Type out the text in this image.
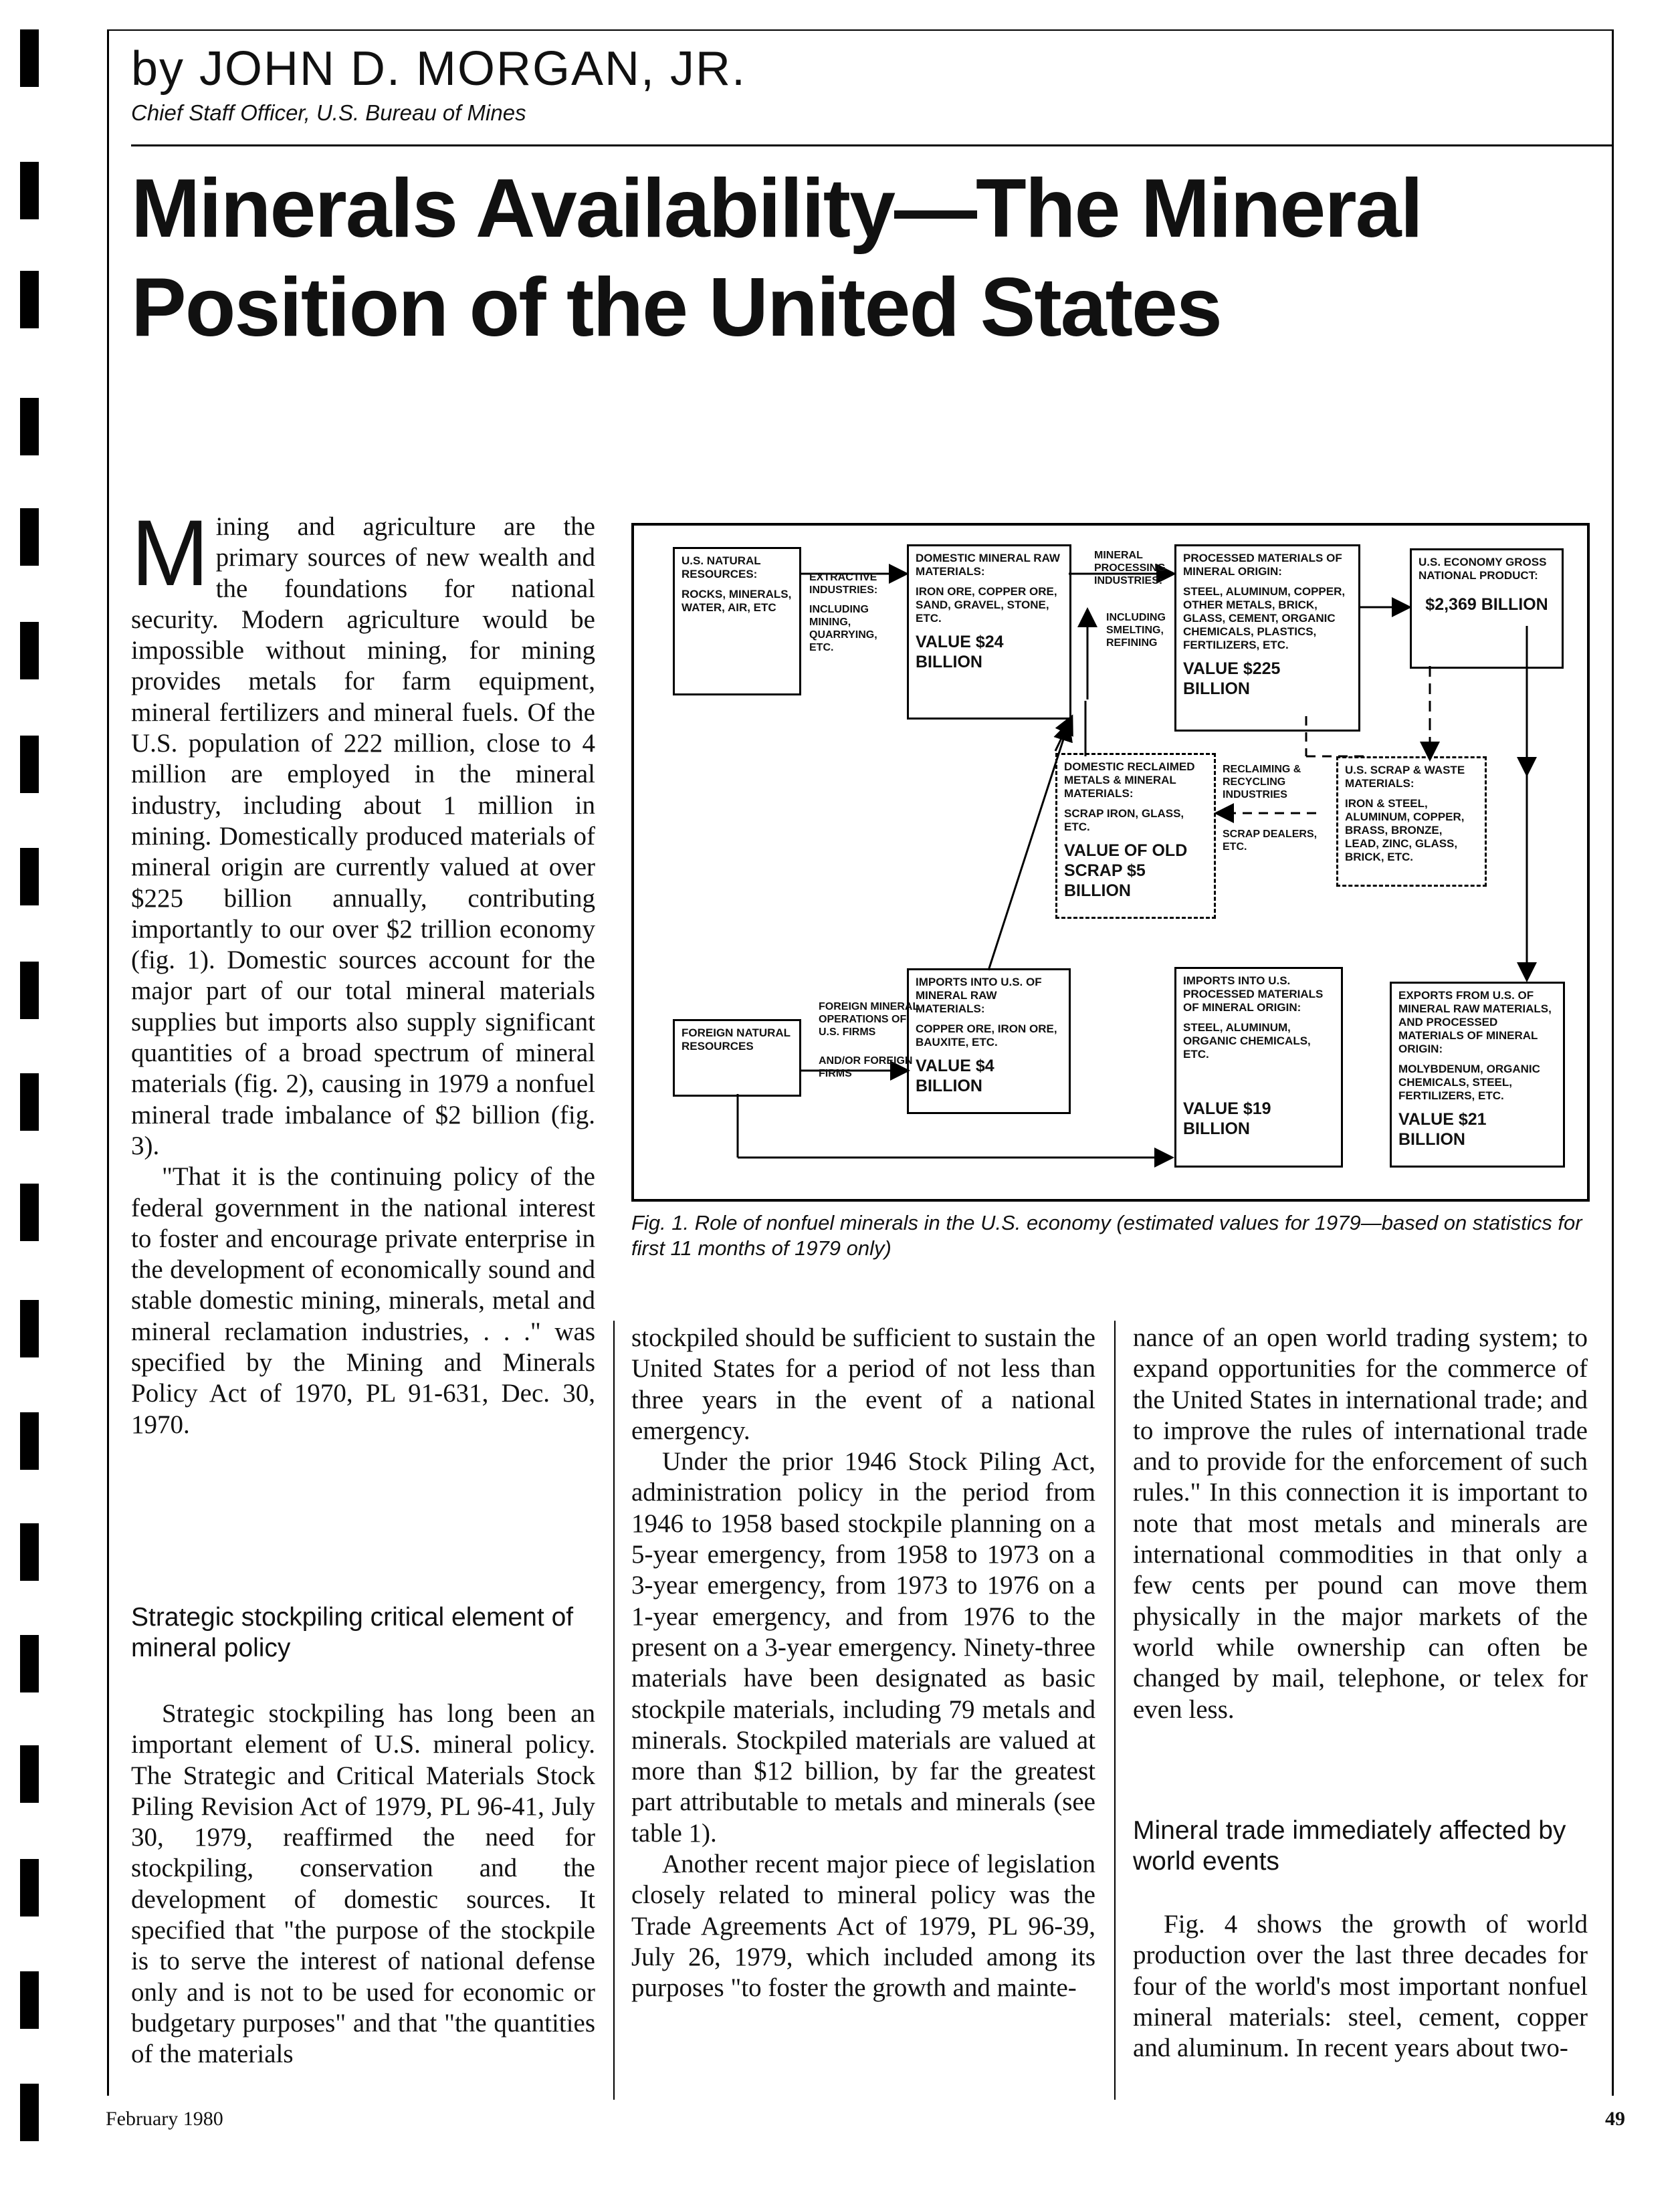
by JOHN D. MORGAN, JR.
Chief Staff Officer, U.S. Bureau of Mines
Minerals Availability—The Mineral
Position of the United States

Mining and agriculture are the primary sources of new wealth and the foundations for national security. Modern agriculture would be impossible without mining, for mining provides metals for farm equipment, mineral fertilizers and mineral fuels. Of the U.S. population of 222 million, close to 4 million are employed in the mineral industry, including about 1 million in mining. Domestically produced materials of mineral origin are currently valued at over $225 billion annually, contributing importantly to our over $2 trillion economy (fig. 1). Domestic sources account for the major part of our total mineral materials supplies but imports also supply significant quantities of a broad spectrum of mineral materials (fig. 2), causing in 1979 a nonfuel mineral trade imbalance of $2 billion (fig. 3).

"That it is the continuing policy of the federal government in the national interest to foster and encourage private enterprise in the development of economically sound and stable domestic mining, minerals, metal and mineral reclamation industries, . . ." was specified by the Mining and Minerals Policy Act of 1970, PL 91-631, Dec. 30, 1970.

Strategic stockpiling critical element of mineral policy

Strategic stockpiling has long been an important element of U.S. mineral policy. The Strategic and Critical Materials Stock Piling Revision Act of 1979, PL 96-41, July 30, 1979, reaffirmed the need for stockpiling, conservation and the development of domestic sources. It specified that "the purpose of the stockpile is to serve the interest of national defense only and is not to be used for economic or budgetary purposes" and that "the quantities of the materials

stockpiled should be sufficient to sustain the United States for a period of not less than three years in the event of a national emergency.

Under the prior 1946 Stock Piling Act, administration policy in the period from 1946 to 1958 based stockpile planning on a 5-year emergency, from 1958 to 1973 on a 3-year emergency, from 1973 to 1976 on a 1-year emergency, and from 1976 to the present on a 3-year emergency. Ninety-three materials have been designated as basic stockpile materials, including 79 metals and minerals. Stockpiled materials are valued at more than $12 billion, by far the greatest part attributable to metals and minerals (see table 1).

Another recent major piece of legislation closely related to mineral policy was the Trade Agreements Act of 1979, PL 96-39, July 26, 1979, which included among its purposes "to foster the growth and mainte-

nance of an open world trading system; to expand opportunities for the commerce of the United States in international trade; and to improve the rules of international trade and to provide for the enforcement of such rules." In this connection it is important to note that most metals and minerals are international commodities in that only a few cents per pound can move them physically in the major markets of the world while ownership can often be changed by mail, telephone, or telex for even less.

Mineral trade immediately affected by world events

Fig. 4 shows the growth of world production over the last three decades for four of the world's most important nonfuel mineral materials: steel, cement, copper and aluminum. In recent years about two-

U.S. NATURAL RESOURCES:
ROCKS, MINERALS, WATER, AIR, ETC
EXTRACTIVE INDUSTRIES:
INCLUDING MINING, QUARRYING, ETC.
DOMESTIC MINERAL RAW MATERIALS:
IRON ORE, COPPER ORE, SAND, GRAVEL, STONE, ETC.
VALUE $24 BILLION
MINERAL PROCESSING INDUSTRIES:
INCLUDING SMELTING, REFINING
PROCESSED MATERIALS OF MINERAL ORIGIN:
STEEL, ALUMINUM, COPPER, OTHER METALS, BRICK, GLASS, CEMENT, ORGANIC CHEMICALS, PLASTICS, FERTILIZERS, ETC.
VALUE $225 BILLION
U.S. ECONOMY GROSS NATIONAL PRODUCT:
$2,369 BILLION
DOMESTIC RECLAIMED METALS & MINERAL MATERIALS:
SCRAP IRON, GLASS, ETC.
VALUE OF OLD SCRAP $5 BILLION
RECLAIMING & RECYCLING INDUSTRIES
SCRAP DEALERS, ETC.
U.S. SCRAP & WASTE MATERIALS:
IRON & STEEL, ALUMINUM, COPPER, BRASS, BRONZE, LEAD, ZINC, GLASS, BRICK, ETC.
FOREIGN NATURAL RESOURCES
FOREIGN MINERAL OPERATIONS OF U.S. FIRMS
AND/OR FOREIGN FIRMS
IMPORTS INTO U.S. OF MINERAL RAW MATERIALS:
COPPER ORE, IRON ORE, BAUXITE, ETC.
VALUE $4 BILLION
IMPORTS INTO U.S. PROCESSED MATERIALS OF MINERAL ORIGIN:
STEEL, ALUMINUM, ORGANIC CHEMICALS, ETC.
VALUE $19 BILLION
EXPORTS FROM U.S. OF MINERAL RAW MATERIALS, AND PROCESSED MATERIALS OF MINERAL ORIGIN:
MOLYBDENUM, ORGANIC CHEMICALS, STEEL, FERTILIZERS, ETC.
VALUE $21 BILLION
Fig. 1. Role of nonfuel minerals in the U.S. economy (estimated values for 1979—based on statistics for first 11 months of 1979 only)
February 1980	49
